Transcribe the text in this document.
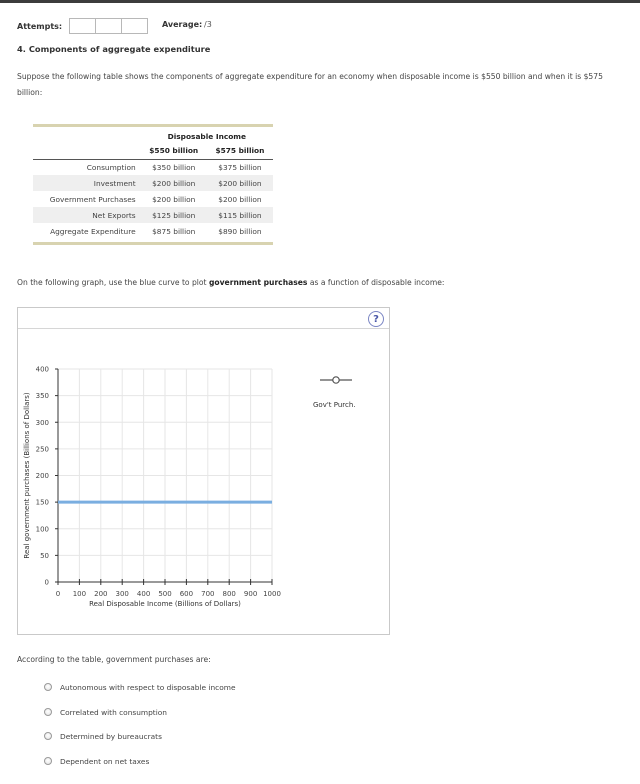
Attempts:	Average: /3
4. Components of aggregate expenditure
Suppose the following table shows the components of aggregate expenditure for an economy when disposable income is $550 billion and when it is $575 billion:
	Disposable Income	
	$550 billion	$575 billion
Consumption	$350 billion	$375 billion
Investment	$200 billion	$200 billion
Government Purchases	$200 billion	$200 billion
Net Exports	$125 billion	$115 billion
Aggregate Expenditure	$875 billion	$890 billion
On the following graph, use the blue curve to plot government purchases as a function of disposable income:
?
0
50
100
150
200
250
300
350
400
0 100 200 300 400 500 600 700 800 900 1000
Real Disposable Income (Billions of Dollars)
Real government purchases (Billions of Dollars)	Gov't Purch.
According to the table, government purchases are:
Autonomous with respect to disposable income
Correlated with consumption
Determined by bureaucrats
Dependent on net taxes
